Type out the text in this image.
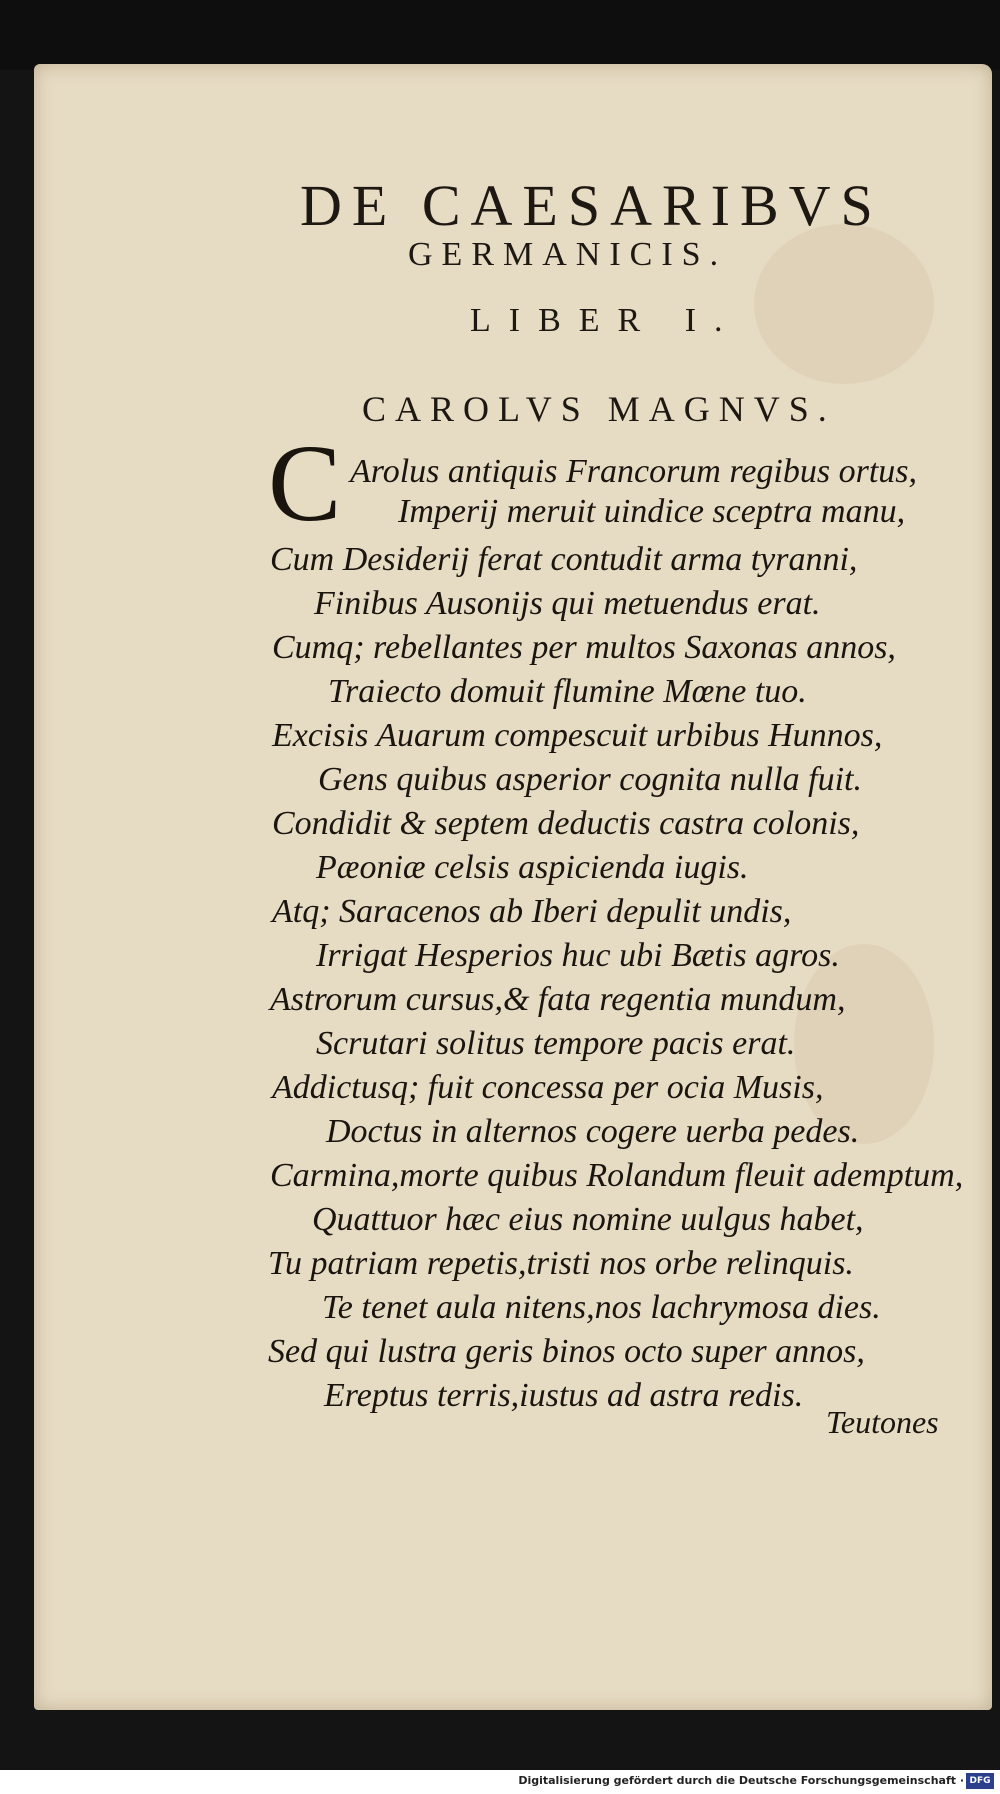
DE CAESARIBVS
GERMANICIS.
LIBER I.
CAROLVS MAGNVS.
C Arolus antiquis Francorum regibus ortus,
Imperij meruit uindice sceptra manu,
Cum Desiderij ferat contudit arma tyranni,
Finibus Ausonijs qui metuendus erat.
Cumq; rebellantes per multos Saxonas annos,
Traiecto domuit flumine Mœne tuo.
Excisis Auarum compescuit urbibus Hunnos,
Gens quibus asperior cognita nulla fuit.
Condidit & septem deductis castra colonis,
Pæoniæ celsis aspicienda iugis.
Atq; Saracenos ab Iberi depulit undis,
Irrigat Hesperios huc ubi Bætis agros.
Astrorum cursus,& fata regentia mundum,
Scrutari solitus tempore pacis erat.
Addictusq; fuit concessa per ocia Musis,
Doctus in alternos cogere uerba pedes.
Carmina,morte quibus Rolandum fleuit ademptum,
Quattuor hæc eius nomine uulgus habet,
Tu patriam repetis,tristi nos orbe relinquis.
Te tenet aula nitens,nos lachrymosa dies.
Sed qui lustra geris binos octo super annos,
Ereptus terris,iustus ad astra redis.
Teutones
Digitalisierung gefördert durch die Deutsche Forschungsgemeinschaft · DFG
